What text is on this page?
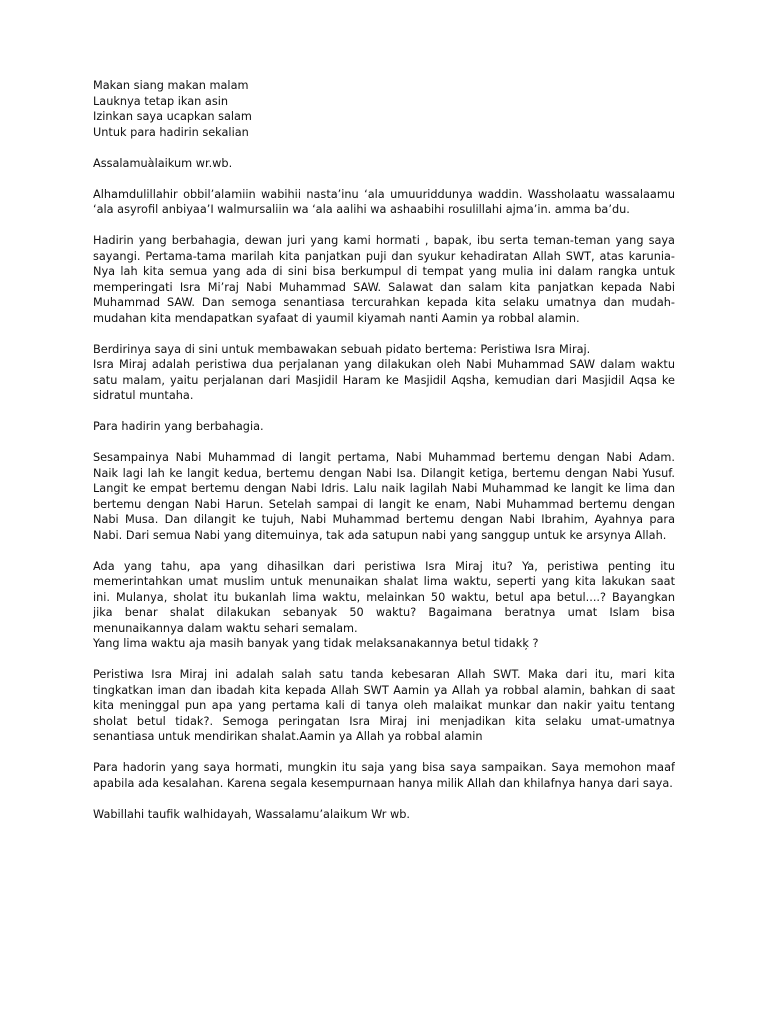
Makan siang makan malam
Lauknya tetap ikan asin
Izinkan saya ucapkan salam
Untuk para hadirin sekalian
Assalamuàlaikum wr.wb.
Alhamdulillahir obbil’alamiin wabihii nasta’inu ‘ala umuuriddunya waddin. Wassholaatu wassalaamu
‘ala asyrofil anbiyaa’I walmursaliin wa ‘ala aalihi wa ashaabihi rosulillahi ajma’in. amma ba’du.
Hadirin yang berbahagia, dewan juri yang kami hormati , bapak, ibu serta teman-teman yang saya
sayangi. Pertama-tama marilah kita panjatkan puji dan syukur kehadiratan Allah SWT, atas karunia-
Nya lah kita semua yang ada di sini bisa berkumpul di tempat yang mulia ini dalam rangka untuk
memperingati Isra Mi’raj Nabi Muhammad SAW. Salawat dan salam kita panjatkan kepada Nabi
Muhammad SAW. Dan semoga senantiasa tercurahkan kepada kita selaku umatnya dan mudah-
mudahan kita mendapatkan syafaat di yaumil kiyamah nanti Aamin ya robbal alamin.
Berdirinya saya di sini untuk membawakan sebuah pidato bertema: Peristiwa Isra Miraj.
Isra Miraj adalah peristiwa dua perjalanan yang dilakukan oleh Nabi Muhammad SAW dalam waktu
satu malam, yaitu perjalanan dari Masjidil Haram ke Masjidil Aqsha, kemudian dari Masjidil Aqsa ke
sidratul muntaha.
Para hadirin yang berbahagia.
Sesampainya Nabi Muhammad di langit pertama, Nabi Muhammad bertemu dengan Nabi Adam.
Naik lagi lah ke langit kedua, bertemu dengan Nabi Isa. Dilangit ketiga, bertemu dengan Nabi Yusuf.
Langit ke empat bertemu dengan Nabi Idris. Lalu naik lagilah Nabi Muhammad ke langit ke lima dan
bertemu dengan Nabi Harun. Setelah sampai di langit ke enam, Nabi Muhammad bertemu dengan
Nabi Musa. Dan dilangit ke tujuh, Nabi Muhammad bertemu dengan Nabi Ibrahim, Ayahnya para
Nabi. Dari semua Nabi yang ditemuinya, tak ada satupun nabi yang sanggup untuk ke arsynya Allah.
Ada yang tahu, apa yang dihasilkan dari peristiwa Isra Miraj itu? Ya, peristiwa penting itu
memerintahkan umat muslim untuk menunaikan shalat lima waktu, seperti yang kita lakukan saat
ini. Mulanya, sholat itu bukanlah lima waktu, melainkan 50 waktu, betul apa betul....? Bayangkan
jika benar shalat dilakukan sebanyak 50 waktu? Bagaimana beratnya umat Islam bisa
menunaikannya dalam waktu sehari semalam.
Yang lima waktu aja masih banyak yang tidak melaksanakannya betul tidakķ ?
Peristiwa Isra Miraj ini adalah salah satu tanda kebesaran Allah SWT. Maka dari itu, mari kita
tingkatkan iman dan ibadah kita kepada Allah SWT Aamin ya Allah ya robbal alamin, bahkan di saat
kita meninggal pun apa yang pertama kali di tanya oleh malaikat munkar dan nakir yaitu tentang
sholat betul tidak?. Semoga peringatan Isra Miraj ini menjadikan kita selaku umat-umatnya
senantiasa untuk mendirikan shalat.Aamin ya Allah ya robbal alamin
Para hadorin yang saya hormati, mungkin itu saja yang bisa saya sampaikan. Saya memohon maaf
apabila ada kesalahan. Karena segala kesempurnaan hanya milik Allah dan khilafnya hanya dari saya.
Wabillahi taufik walhidayah, Wassalamu’alaikum Wr wb.
